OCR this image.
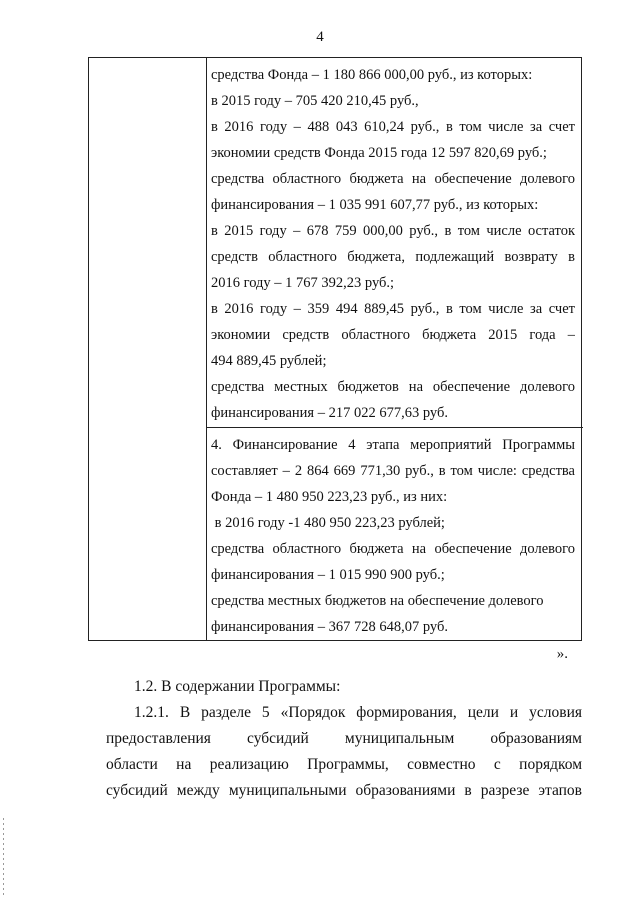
4
средства Фонда – 1 180 866 000,00 руб., из которых:
в 2015 году – 705 420 210,45 руб.,
в 2016 году – 488 043 610,24 руб., в том числе за счет
экономии средств Фонда 2015 года 12 597 820,69 руб.;
средства областного бюджета на обеспечение долевого
финансирования – 1 035 991 607,77 руб., из которых:
в 2015 году – 678 759 000,00 руб., в том числе остаток
средств областного бюджета, подлежащий возврату в
2016 году – 1 767 392,23 руб.;
в 2016 году – 359 494 889,45 руб., в том числе за счет
экономии средств областного бюджета 2015 года –
494 889,45 рублей;
средства местных бюджетов на обеспечение долевого
финансирования – 217 022 677,63 руб.
4. Финансирование 4 этапа мероприятий Программы
составляет – 2 864 669 771,30 руб., в том числе: средства
Фонда – 1 480 950 223,23 руб., из них:
в 2016 году -1 480 950 223,23 рублей;
средства областного бюджета на обеспечение долевого
финансирования – 1 015 990 900 руб.;
средства местных бюджетов на обеспечение долевого
финансирования – 367 728 648,07 руб.
».
1.2. В содержании Программы:
1.2.1. В разделе 5 «Порядок формирования, цели и условия
предоставления субсидий муниципальным образованиям
области на реализацию Программы, совместно с порядком
субсидий между муниципальными образованиями в разрезе этапов
